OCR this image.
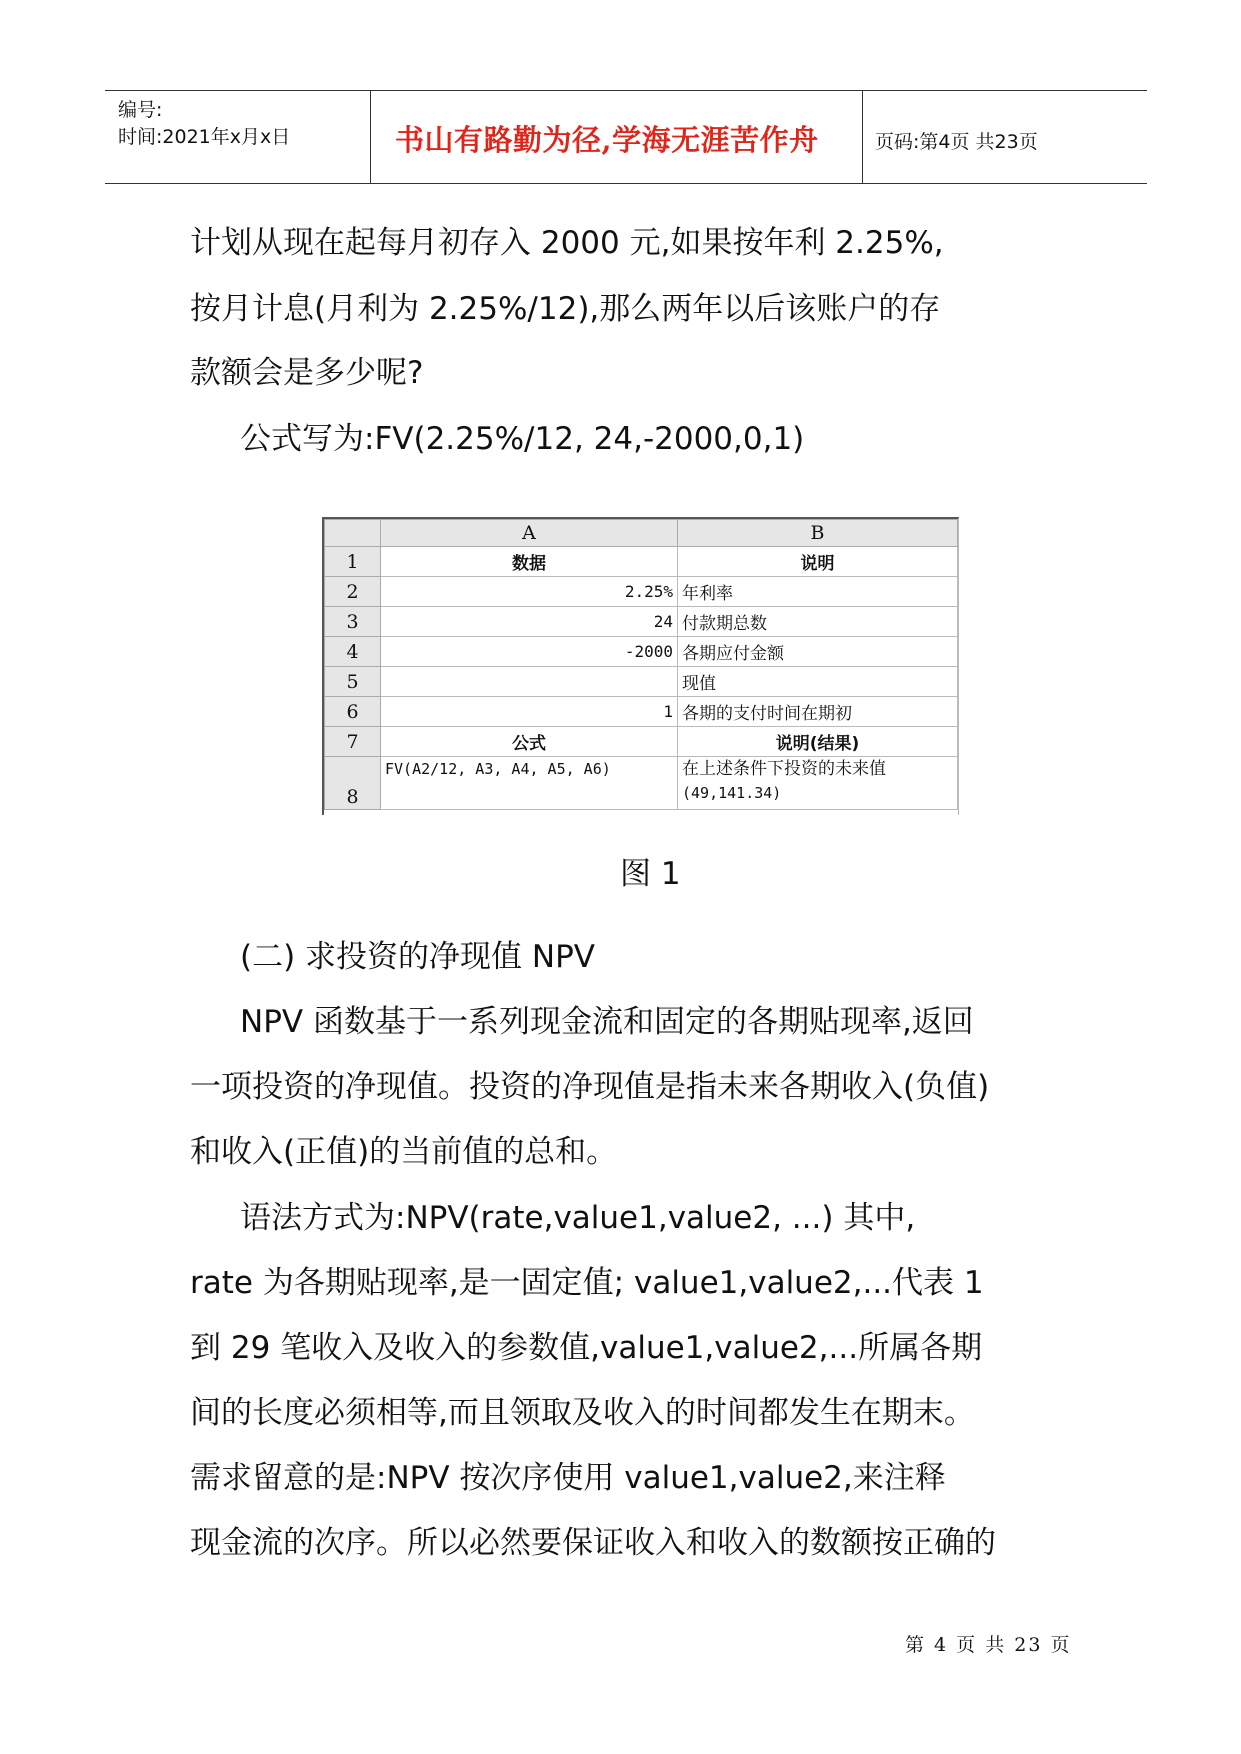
编号:
时间:2021年x月x日	书山有路勤为径,学海无涯苦作舟	页码:第4页 共23页
计划从现在起每月初存入 2000 元,如果按年利 2.25%,
按月计息(月利为 2.25%/12),那么两年以后该账户的存
款额会是多少呢?
公式写为:FV(2.25%/12, 24,-2000,0,1)
	A	B
1	数据	说明
2	2.25%	年利率
3	24	付款期总数
4	-2000	各期应付金额
5		现值
6	1	各期的支付时间在期初
7	公式	说明(结果)
8	FV(A2/12, A3, A4, A5, A6)	在上述条件下投资的未来值
(49,141.34)
图 1
(二) 求投资的净现值 NPV
NPV 函数基于一系列现金流和固定的各期贴现率,返回
一项投资的净现值。投资的净现值是指未来各期收入(负值)
和收入(正值)的当前值的总和。
语法方式为:NPV(rate,value1,value2, ...) 其中,
rate 为各期贴现率,是一固定值; value1,value2,...代表 1
到 29 笔收入及收入的参数值,value1,value2,...所属各期
间的长度必须相等,而且领取及收入的时间都发生在期末。
需求留意的是:NPV 按次序使用 value1,value2,来注释
现金流的次序。所以必然要保证收入和收入的数额按正确的
第 4 页 共 23 页
